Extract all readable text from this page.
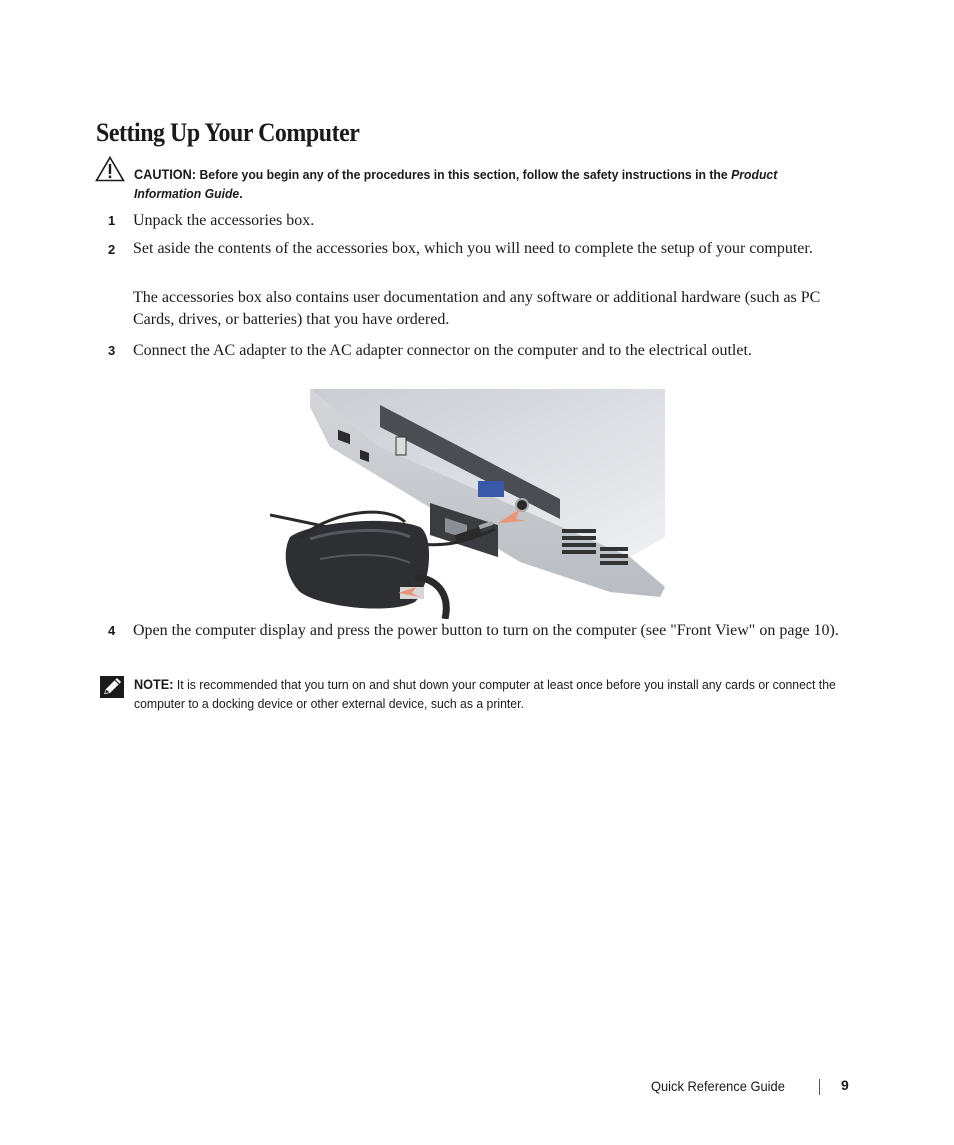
Setting Up Your Computer
CAUTION: Before you begin any of the procedures in this section, follow the safety instructions in the Product Information Guide.
1 Unpack the accessories box.
2 Set aside the contents of the accessories box, which you will need to complete the setup of your computer.
The accessories box also contains user documentation and any software or additional hardware (such as PC Cards, drives, or batteries) that you have ordered.
3 Connect the AC adapter to the AC adapter connector on the computer and to the electrical outlet.
4 Open the computer display and press the power button to turn on the computer (see "Front View" on page 10).
NOTE: It is recommended that you turn on and shut down your computer at least once before you install any cards or connect the computer to a docking device or other external device, such as a printer.
Quick Reference Guide	9
